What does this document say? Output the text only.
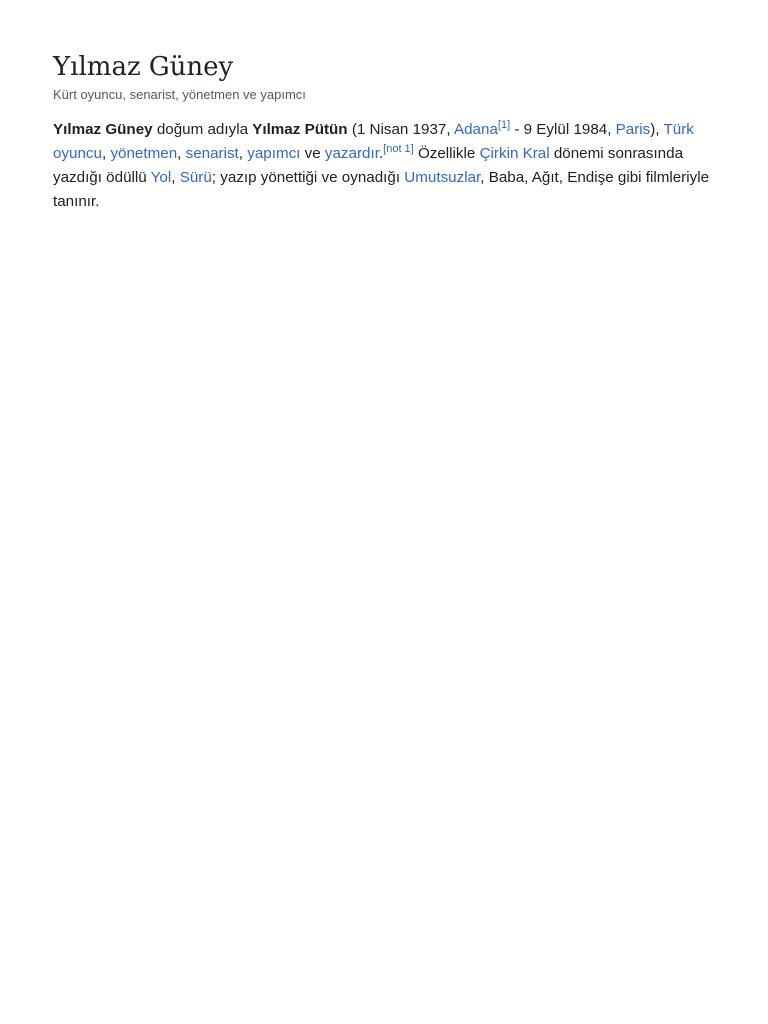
Yılmaz Güney
Kürt oyuncu, senarist, yönetmen ve yapımcı

Yılmaz Güney doğum adıyla Yılmaz Pütün (1 Nisan 1937, Adana[1] - 9 Eylül 1984, Paris), Türk oyuncu, yönetmen, senarist, yapımcı ve yazardır.[not 1] Özellikle Çirkin Kral dönemi sonrasında yazdığı ödüllü Yol, Sürü; yazıp yönettiği ve oynadığı Umutsuzlar, Baba, Ağıt, Endişe gibi filmleriyle tanınır.
